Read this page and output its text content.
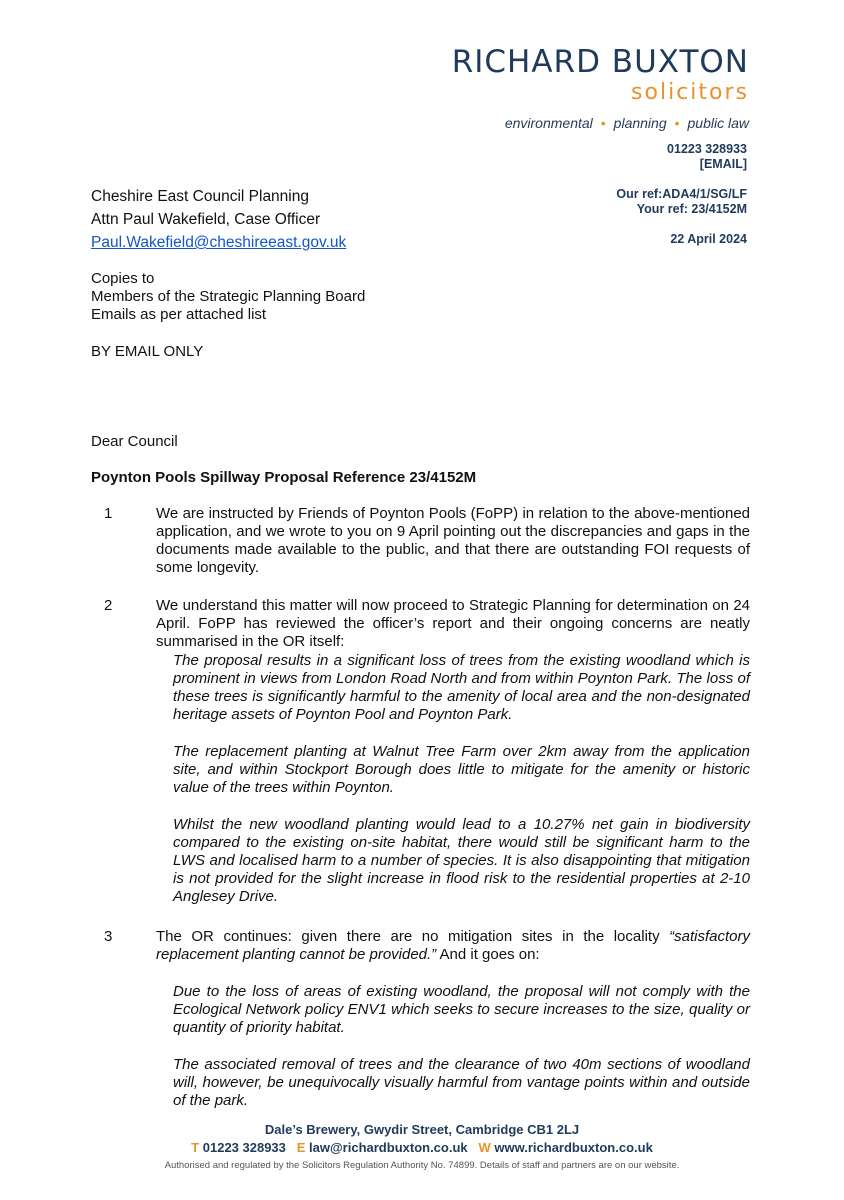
RICHARD BUXTON
solicitors
environmental • planning • public law
01223 328933
[EMAIL]
Our ref:ADA4/1/SG/LF
Your ref: 23/4152M
22 April 2024
Cheshire East Council Planning
Attn Paul Wakefield, Case Officer
Paul.Wakefield@cheshireeast.gov.uk
Copies to
Members of the Strategic Planning Board
Emails as per attached list
BY EMAIL ONLY
Dear Council
Poynton Pools Spillway Proposal Reference 23/4152M
1	We are instructed by Friends of Poynton Pools (FoPP) in relation to the above-mentioned application, and we wrote to you on 9 April pointing out the discrepancies and gaps in the documents made available to the public, and that there are outstanding FOI requests of some longevity.
2	We understand this matter will now proceed to Strategic Planning for determination on 24 April. FoPP has reviewed the officer’s report and their ongoing concerns are neatly summarised in the OR itself:
The proposal results in a significant loss of trees from the existing woodland which is prominent in views from London Road North and from within Poynton Park. The loss of these trees is significantly harmful to the amenity of local area and the non-designated heritage assets of Poynton Pool and Poynton Park.
The replacement planting at Walnut Tree Farm over 2km away from the application site, and within Stockport Borough does little to mitigate for the amenity or historic value of the trees within Poynton.
Whilst the new woodland planting would lead to a 10.27% net gain in biodiversity compared to the existing on-site habitat, there would still be significant harm to the LWS and localised harm to a number of species. It is also disappointing that mitigation is not provided for the slight increase in flood risk to the residential properties at 2-10 Anglesey Drive.
3	The OR continues: given there are no mitigation sites in the locality “satisfactory replacement planting cannot be provided.” And it goes on:
Due to the loss of areas of existing woodland, the proposal will not comply with the Ecological Network policy ENV1 which seeks to secure increases to the size, quality or quantity of priority habitat.
The associated removal of trees and the clearance of two 40m sections of woodland will, however, be unequivocally visually harmful from vantage points within and outside of the park.
Dale’s Brewery, Gwydir Street, Cambridge CB1 2LJ
T 01223 328933 E law@richardbuxton.co.uk W www.richardbuxton.co.uk
Authorised and regulated by the Solicitors Regulation Authority No. 74899. Details of staff and partners are on our website.
